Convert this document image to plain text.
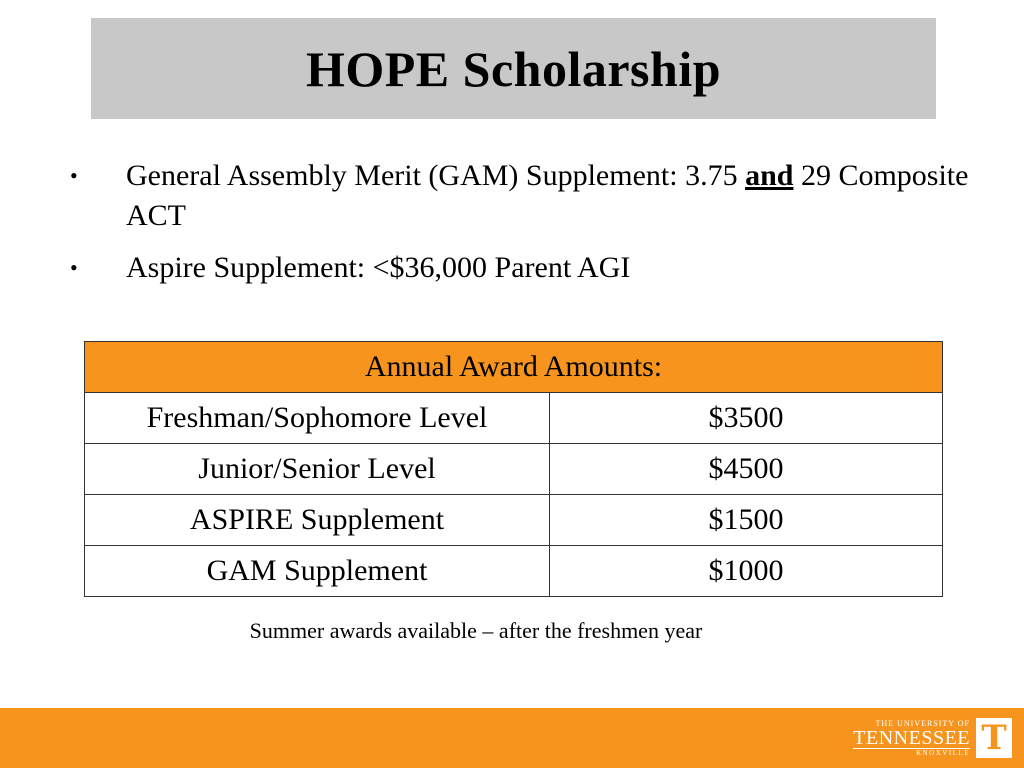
HOPE Scholarship
•	General Assembly Merit (GAM) Supplement: 3.75 and 29 Composite ACT
•	Aspire Supplement: <$36,000 Parent AGI
Annual Award Amounts:	
Freshman/Sophomore Level	$3500
Junior/Senior Level	$4500
ASPIRE Supplement	$1500
GAM Supplement	$1000
Summer awards available – after the freshmen year
THE UNIVERSITY OF
TENNESSEE
KNOXVILLE T
